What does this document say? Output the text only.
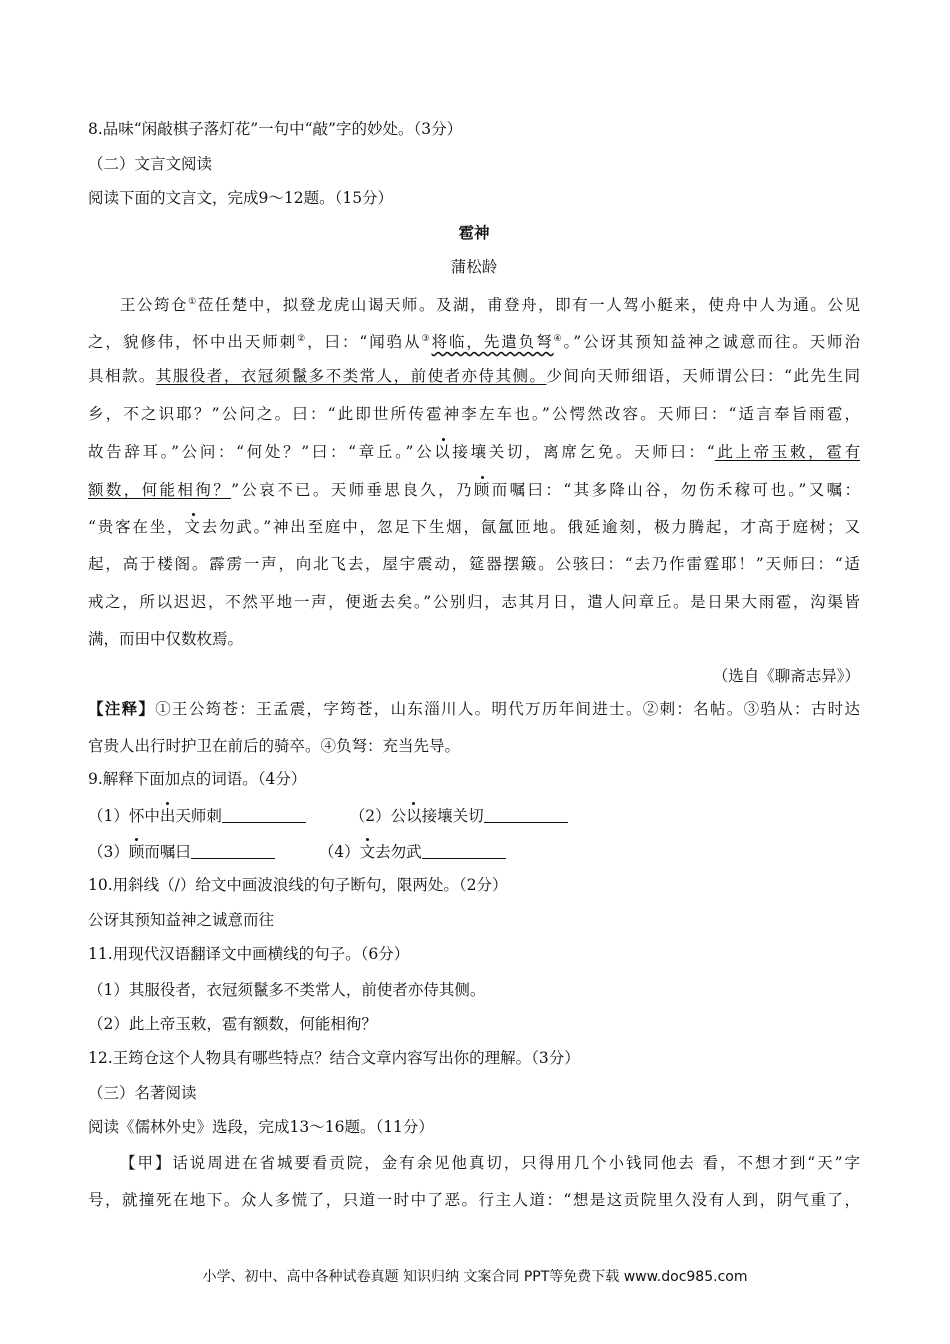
8.品味“闲敲棋子落灯花”一句中“敲”字的妙处。（3分）
（二）文言文阅读
阅读下面的文言文，完成9～12题。（15分）
雹神
蒲松龄
王公筠仓①莅任楚中，拟登龙虎山谒天师。及湖，甫登舟，即有一人驾小艇来，使舟中人为通。公见
之，貌修伟，怀中出天师刺②，曰：“闻驺从③将临，先遣负弩④。”公讶其预知益神之诚意而往。天师治
具相款。其服役者，衣冠须鬣多不类常人，前使者亦侍其侧。少间向天师细语，天师谓公曰：“此先生同
乡，不之识耶？”公问之。曰：“此即世所传雹神李左车也。”公愕然改容。天师曰：“适言奉旨雨雹，
故告辞耳。”公问：“何处？”曰：“章丘。”公以接壤关切，离席乞免。天师曰：“此上帝玉敕，雹有
额数，何能相徇？”公哀不已。天师垂思良久，乃顾而嘱曰：“其多降山谷，勿伤禾稼可也。”又嘱：
“贵客在坐，文去勿武。”神出至庭中，忽足下生烟，氤氲匝地。俄延逾刻，极力腾起，才高于庭树；又
起，高于楼阁。霹雳一声，向北飞去，屋宇震动，筵器摆簸。公骇曰：“去乃作雷霆耶！”天师曰：“适
戒之，所以迟迟，不然平地一声，便逝去矣。”公别归，志其月日，遣人问章丘。是日果大雨雹，沟渠皆
满，而田中仅数枚焉。
（选自《聊斋志异》）
【注释】①王公筠苍：王孟震，字筠苍，山东淄川人。明代万历年间进士。②刺：名帖。③驺从：古时达
官贵人出行时护卫在前后的骑卒。④负弩：充当先导。
9.解释下面加点的词语。（4分）
（1）怀中出天师刺	（2）公以接壤关切
（3）顾而嘱曰	（4）文去勿武
10.用斜线（/）给文中画波浪线的句子断句，限两处。（2分）
公讶其预知益神之诚意而往
11.用现代汉语翻译文中画横线的句子。（6分）
（1）其服役者，衣冠须鬣多不类常人，前使者亦侍其侧。
（2）此上帝玉敕，雹有额数，何能相徇？
12.王筠仓这个人物具有哪些特点？结合文章内容写出你的理解。（3分）
（三）名著阅读
阅读《儒林外史》选段，完成13～16题。（11分）
【甲】话说周进在省城要看贡院，金有余见他真切，只得用几个小钱同他去 看，不想才到“天”字
号，就撞死在地下。众人多慌了，只道一时中了恶。行主人道：“想是这贡院里久没有人到，阴气重了，
小学、初中、高中各种试卷真题 知识归纳 文案合同 PPT等免费下载 www.doc985.com
